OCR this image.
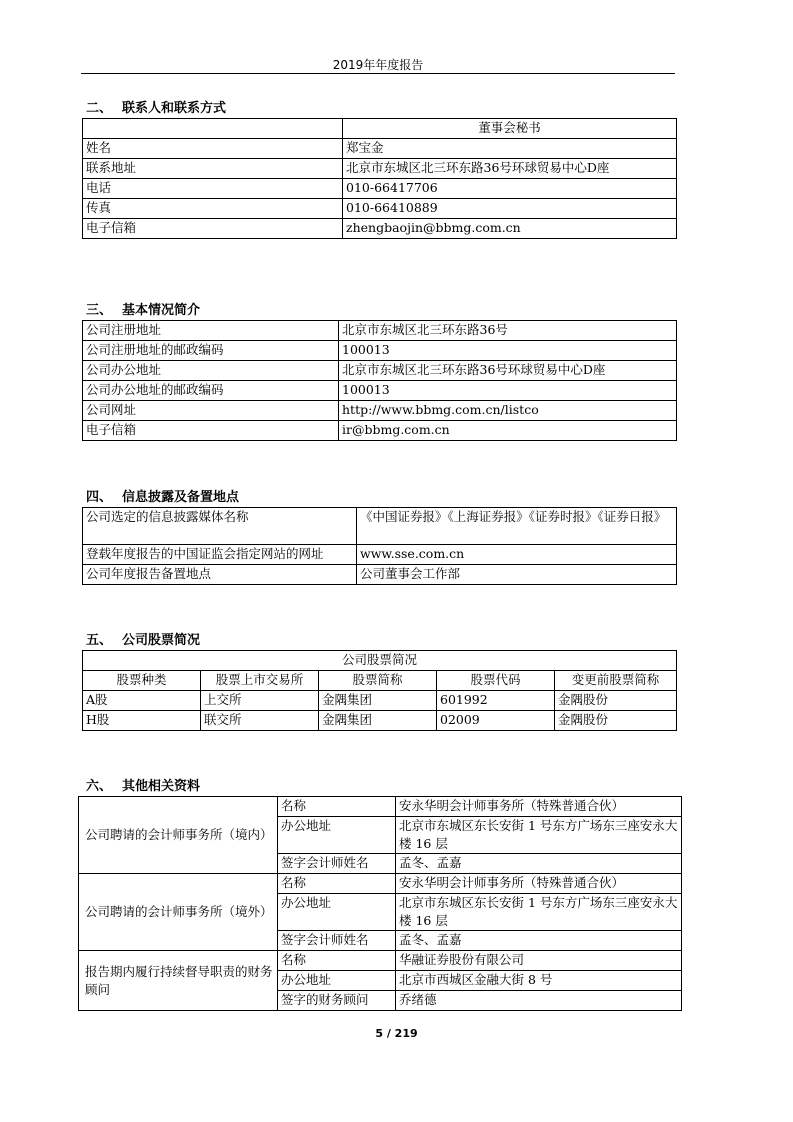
2019年年度报告
二、 联系人和联系方式
	董事会秘书
姓名	郑宝金
联系地址	北京市东城区北三环东路36号环球贸易中心D座
电话	010-66417706
传真	010-66410889
电子信箱	zhengbaojin@bbmg.com.cn
三、 基本情况简介
公司注册地址	北京市东城区北三环东路36号
公司注册地址的邮政编码	100013
公司办公地址	北京市东城区北三环东路36号环球贸易中心D座
公司办公地址的邮政编码	100013
公司网址	http://www.bbmg.com.cn/listco
电子信箱	ir@bbmg.com.cn
四、 信息披露及备置地点
公司选定的信息披露媒体名称	《中国证券报》《上海证券报》《证券时报》《证券日报》
登载年度报告的中国证监会指定网站的网址	www.sse.com.cn
公司年度报告备置地点	公司董事会工作部
五、 公司股票简况
公司股票简况				
股票种类	股票上市交易所	股票简称	股票代码	变更前股票简称
A股	上交所	金隅集团	601992	金隅股份
H股	联交所	金隅集团	02009	金隅股份
六、 其他相关资料
公司聘请的会计师事务所（境内）	名称	安永华明会计师事务所（特殊普通合伙）
	办公地址	北京市东城区东长安街 1 号东方广场东三座安永大楼 16 层
	签字会计师姓名	孟冬、孟嘉
公司聘请的会计师事务所（境外）	名称	安永华明会计师事务所（特殊普通合伙）
	办公地址	北京市东城区东长安街 1 号东方广场东三座安永大楼 16 层
	签字会计师姓名	孟冬、孟嘉
报告期内履行持续督导职责的财务顾问	名称	华融证券股份有限公司
	办公地址	北京市西城区金融大街 8 号
	签字的财务顾问	乔绪德
5 / 219
